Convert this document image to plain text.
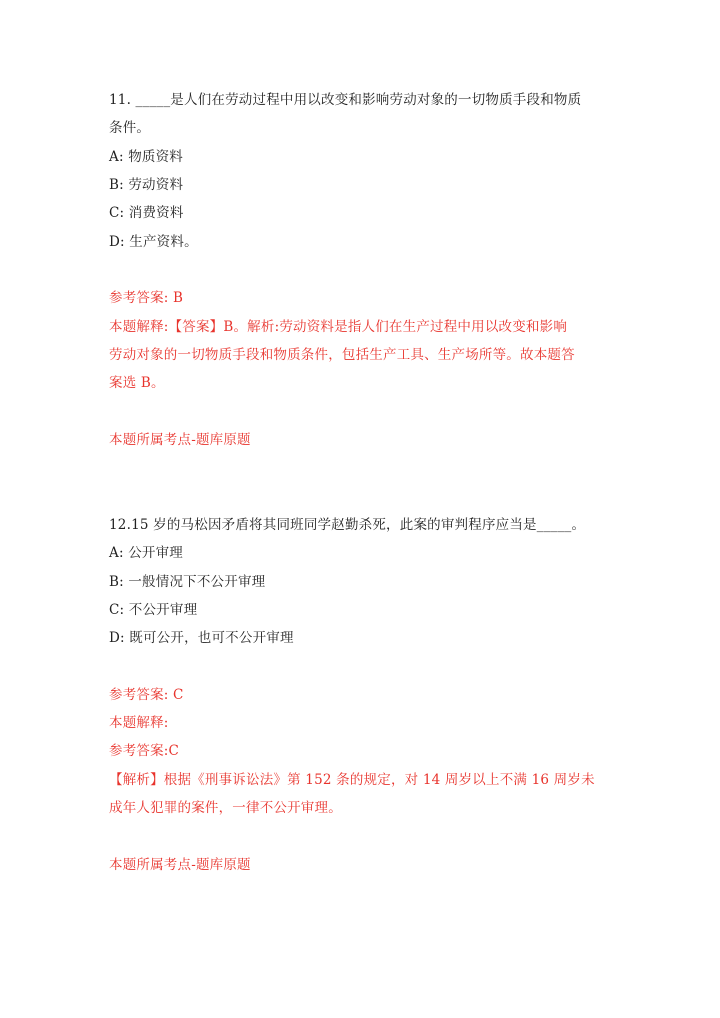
11. _____是人们在劳动过程中用以改变和影响劳动对象的一切物质手段和物质
条件。
A: 物质资料
B: 劳动资料
C: 消费资料
D: 生产资料。
参考答案: B
本题解释:【答案】B。解析:劳动资料是指人们在生产过程中用以改变和影响
劳动对象的一切物质手段和物质条件，包括生产工具、生产场所等。故本题答
案选 B。
本题所属考点-题库原题
12.15 岁的马松因矛盾将其同班同学赵勤杀死，此案的审判程序应当是_____。
A: 公开审理
B: 一般情况下不公开审理
C: 不公开审理
D: 既可公开，也可不公开审理
参考答案: C
本题解释:
参考答案:C
【解析】根据《刑事诉讼法》第 152 条的规定，对 14 周岁以上不满 16 周岁未
成年人犯罪的案件，一律不公开审理。
本题所属考点-题库原题
